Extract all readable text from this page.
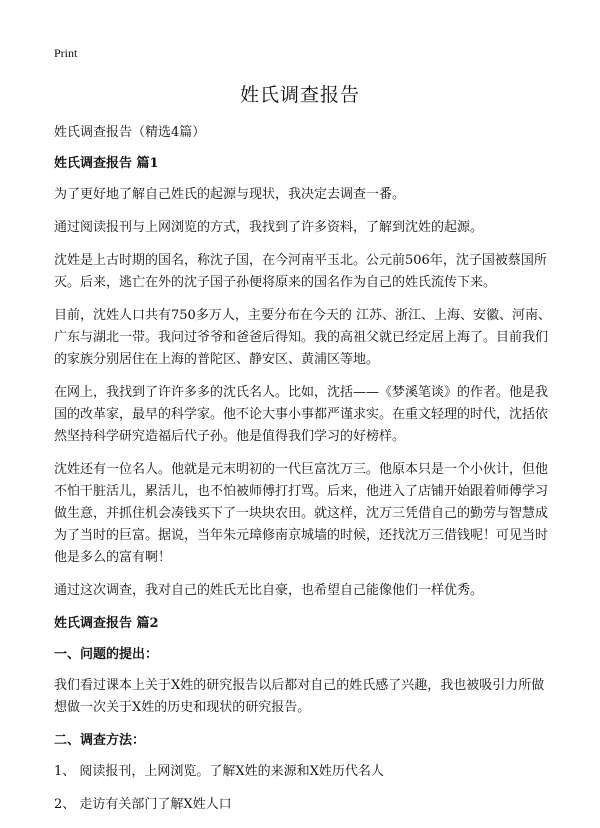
Print
姓氏调查报告

姓氏调查报告（精选4篇）

姓氏调查报告 篇1

为了更好地了解自己姓氏的起源与现状，我决定去调查一番。

通过阅读报刊与上网浏览的方式，我找到了许多资料，了解到沈姓的起源。

沈姓是上古时期的国名，称沈子国，在今河南平玉北。公元前506年，沈子国被蔡国所灭。后来，逃亡在外的沈子国子孙便将原来的国名作为自己的姓氏流传下来。

目前，沈姓人口共有750多万人，主要分布在今天的 江苏、浙江、上海、安徽、河南、广东与湖北一带。我问过爷爷和爸爸后得知。我的高祖父就已经定居上海了。目前我们的家族分别居住在上海的普陀区、静安区、黄浦区等地。

在网上，我找到了许许多多的沈氏名人。比如，沈括——《梦溪笔谈》的作者。他是我国的改革家，最早的科学家。他不论大事小事都严谨求实。在重文轻理的时代，沈括依然坚持科学研究造福后代子孙。他是值得我们学习的好榜样。

沈姓还有一位名人。他就是元末明初的一代巨富沈万三。他原本只是一个小伙计，但他不怕干脏活儿，累活儿，也不怕被师傅打打骂。后来，他进入了店铺开始跟着师傅学习做生意，并抓住机会凑钱买下了一块块农田。就这样，沈万三凭借自己的勤劳与智慧成为了当时的巨富。据说，当年朱元璋修南京城墙的时候，还找沈万三借钱呢！可见当时他是多么的富有啊！

通过这次调查，我对自己的姓氏无比自豪，也希望自己能像他们一样优秀。

姓氏调查报告 篇2

一、问题的提出：

我们看过课本上关于X姓的研究报告以后都对自己的姓氏感了兴趣，我也被吸引力所做想做一次关于X姓的历史和现状的研究报告。

二、调查方法：

1、 阅读报刊，上网浏览。了解X姓的来源和X姓历代名人

2、 走访有关部门了解X姓人口
